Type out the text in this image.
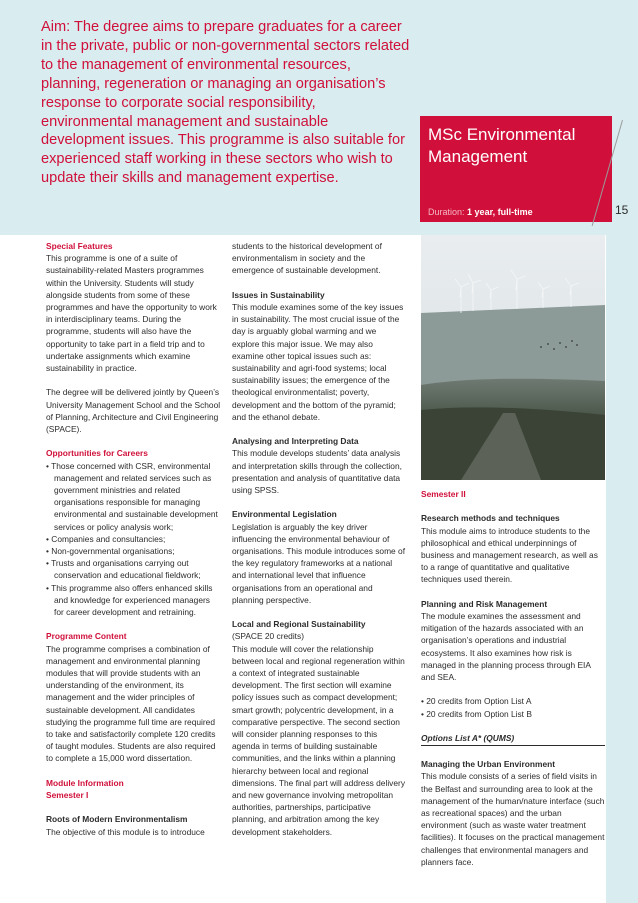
Aim: The degree aims to prepare graduates for a career in the private, public or non-governmental sectors related to the management of environmental resources, planning, regeneration or managing an organisation’s response to corporate social responsibility, environmental management and sustainable development issues. This programme is also suitable for experienced staff working in these sectors who wish to update their skills and management expertise.
MSc Environmental Management
Duration: 1 year, full-time	15
Special Features

This programme is one of a suite of sustainability-related Masters programmes within the University. Students will study alongside students from some of these programmes and have the opportunity to work in interdisciplinary teams. During the programme, students will also have the opportunity to take part in a field trip and to undertake assignments which examine sustainability in practice.

The degree will be delivered jointly by Queen’s University Management School and the School of Planning, Architecture and Civil Engineering (SPACE).

Opportunities for Careers
• Those concerned with CSR, environmental management and related services such as government ministries and related organisations responsible for managing environmental and sustainable development services or policy analysis work;
• Companies and consultancies;
• Non-governmental organisations;
• Trusts and organisations carrying out conservation and educational fieldwork;
• This programme also offers enhanced skills and knowledge for experienced managers for career development and retraining.
Programme Content

The programme comprises a combination of management and environmental planning modules that will provide students with an understanding of the environment, its management and the wider principles of sustainable development. All candidates studying the programme full time are required to take and satisfactorily complete 120 credits of taught modules. Students are also required to complete a 15,000 word dissertation.

Module Information
Semester I
Roots of Modern Environmentalism

The objective of this module is to introduce

students to the historical development of environmentalism in society and the emergence of sustainable development.

Issues in Sustainability

This module examines some of the key issues in sustainability. The most crucial issue of the day is arguably global warming and we explore this major issue. We may also examine other topical issues such as: sustainability and agri-food systems; local sustainability issues; the emergence of the theological environmentalist; poverty, development and the bottom of the pyramid; and the ethanol debate.

Analysing and Interpreting Data

This module develops students’ data analysis and interpretation skills through the collection, presentation and analysis of quantitative data using SPSS.

Environmental Legislation

Legislation is arguably the key driver influencing the environmental behaviour of organisations. This module introduces some of the key regulatory frameworks at a national and international level that influence organisations from an operational and planning perspective.

Local and Regional Sustainability
(SPACE 20 credits)

This module will cover the relationship between local and regional regeneration within a context of integrated sustainable development. The first section will examine policy issues such as compact development; smart growth; polycentric development, in a comparative perspective. The second section will consider planning responses to this agenda in terms of building sustainable communities, and the links within a planning hierarchy between local and regional dimensions. The final part will address delivery and new governance involving metropolitan authorities, partnerships, participative planning, and arbitration among the key development stakeholders.

Semester II
Research methods and techniques

This module aims to introduce students to the philosophical and ethical underpinnings of business and management research, as well as to a range of quantitative and qualitative techniques used therein.

Planning and Risk Management

The module examines the assessment and mitigation of the hazards associated with an organisation’s operations and industrial ecosystems. It also examines how risk is managed in the planning process through EIA and SEA.

• 20 credits from Option List A
• 20 credits from Option List B
Options List A* (QUMS)
Managing the Urban Environment

This module consists of a series of field visits in the Belfast and surrounding area to look at the management of the human/nature interface (such as recreational spaces) and the urban environment (such as waste water treatment facilities). It focuses on the practical management challenges that environmental managers and planners face.
